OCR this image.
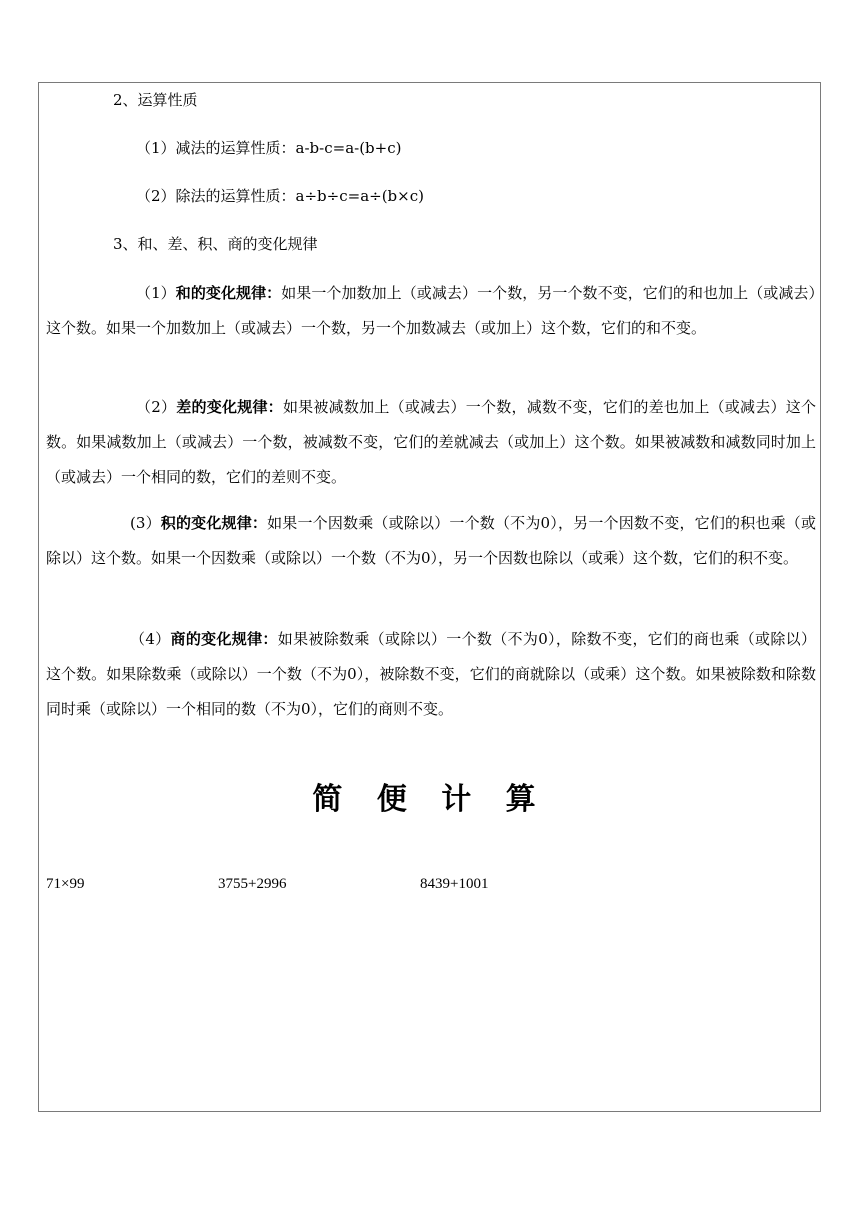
2、运算性质
（1）减法的运算性质：a-b-c=a-(b+c)
（2）除法的运算性质：a÷b÷c=a÷(b×c)
3、和、差、积、商的变化规律

（1）和的变化规律：如果一个加数加上（或减去）一个数，另一个数不变，它们的和也加上（或减去）这个数。如果一个加数加上（或减去）一个数，另一个加数减去（或加上）这个数，它们的和不变。

（2）差的变化规律：如果被减数加上（或减去）一个数，减数不变，它们的差也加上（或减去）这个数。如果减数加上（或减去）一个数，被减数不变，它们的差就减去（或加上）这个数。如果被减数和减数同时加上（或减去）一个相同的数，它们的差则不变。

(3）积的变化规律：如果一个因数乘（或除以）一个数（不为0），另一个因数不变，它们的积也乘（或除以）这个数。如果一个因数乘（或除以）一个数（不为0），另一个因数也除以（或乘）这个数，它们的积不变。

（4）商的变化规律：如果被除数乘（或除以）一个数（不为0），除数不变，它们的商也乘（或除以）这个数。如果除数乘（或除以）一个数（不为0），被除数不变，它们的商就除以（或乘）这个数。如果被除数和除数同时乘（或除以）一个相同的数（不为0），它们的商则不变。

简 便 计 算
71×99	3755+2996	8439+1001
